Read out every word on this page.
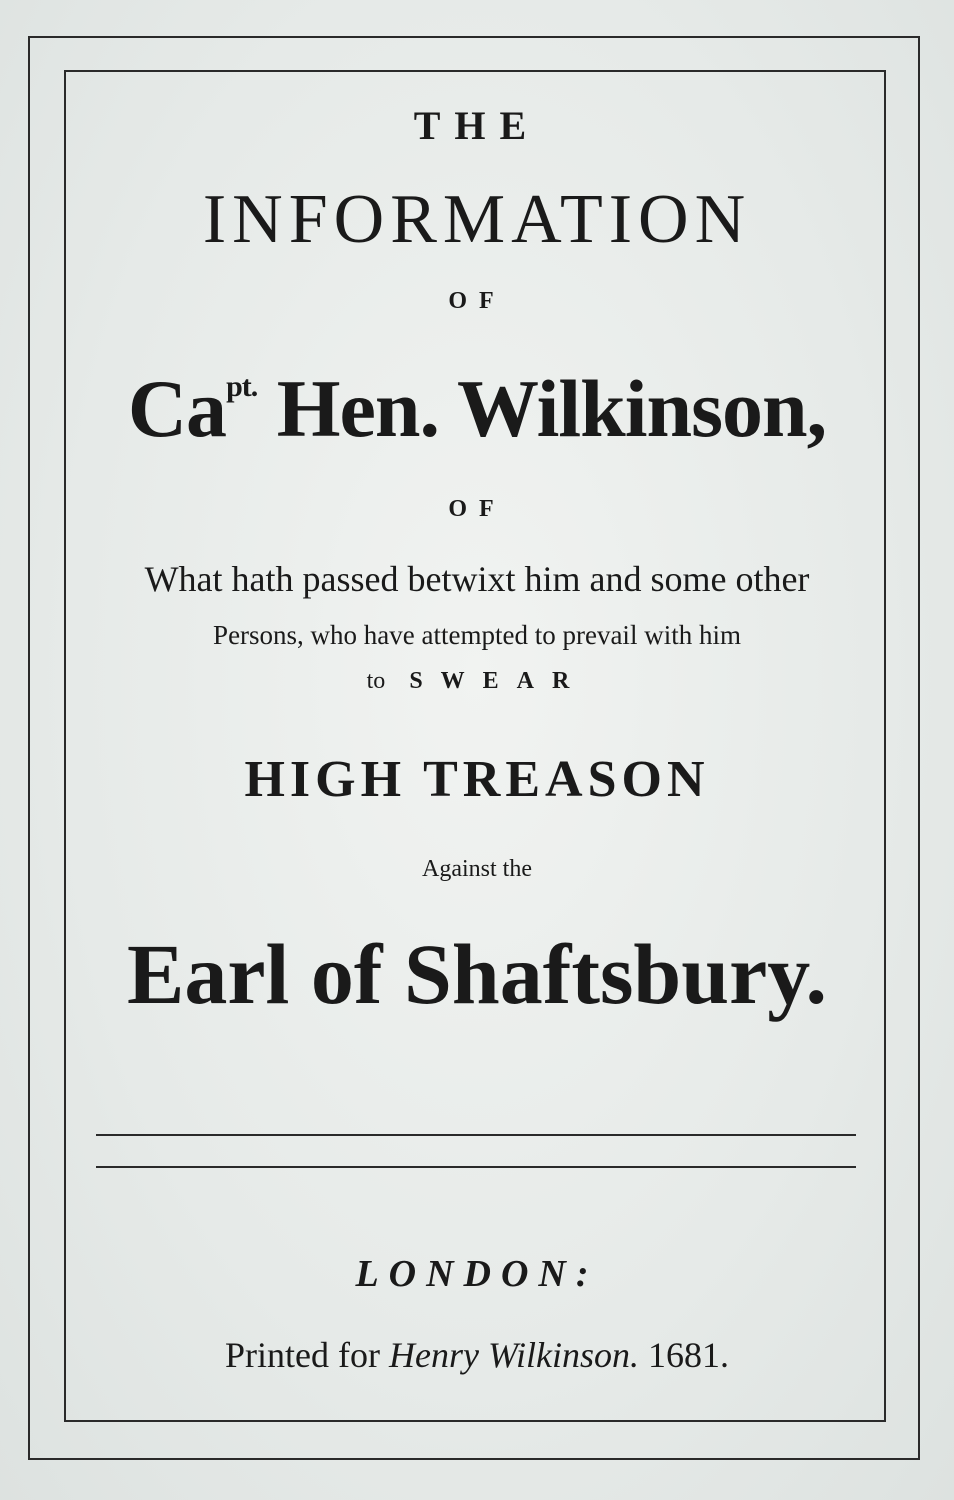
THE
INFORMATION
OF
$Ca^{pt.}$ Hen. Wilkinson,
OF
What hath passed betwixt him and some other
Persons, who have attempted to prevail with him
to SWEAR
HIGH TREASON
Against the
Earl of Shaftsbury.
LONDON:
Printed for Henry Wilkinson. 1681.
